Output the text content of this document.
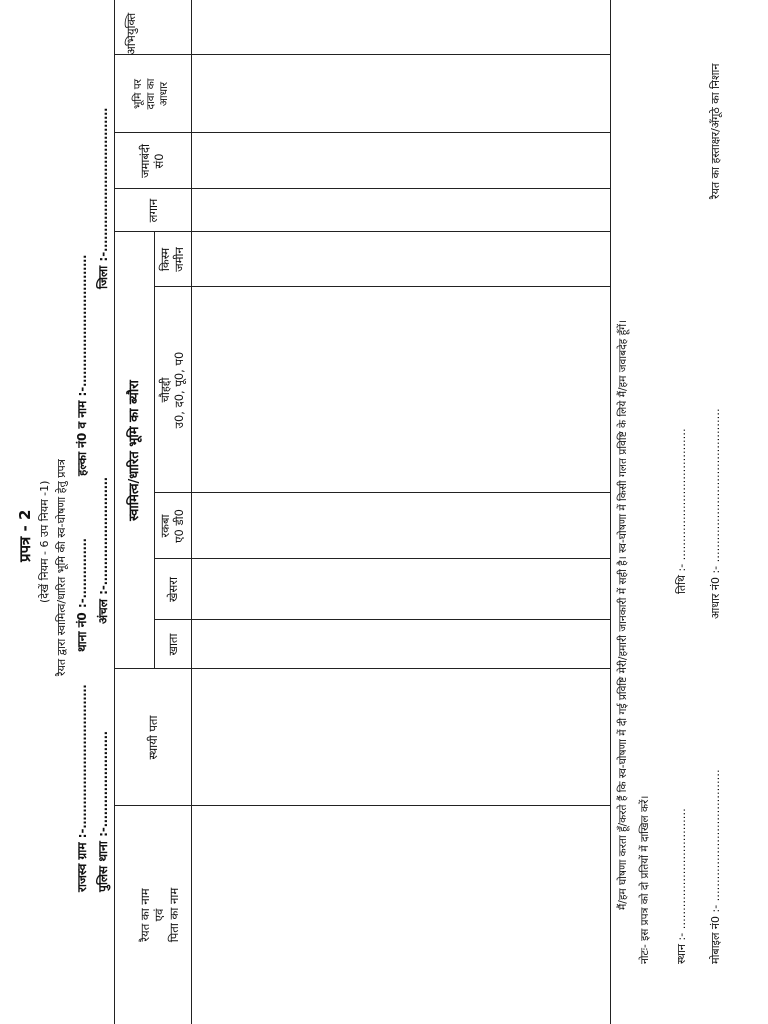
प्रपत्र - 2 (देखें नियम - 6 उप नियम -1) रैयत द्वारा स्वामित्व/धारित भूमि की स्व-घोषणा हेतु प्रपत्र
राजस्व ग्राम :-………………………………
थाना नं0 :-……………
हल्का नं0 व नाम :-……………………………
पुलिस थाना :-……………………
अंचल :-………………………
जिला :-………………………………
रैयत का नाम एवं पिता का नाम
स्थायी पता
स्वामित्व/धारित भूमि का ब्यौरा
खाता
खेसरा
रकबा ए0 डी0
चौहद्दी उ0, द0, पू0, प0
किस्म जमीन
लगान
जमाबंदी सं0
भूमि पर दावा का आधार
अभियुक्ति
मैं/हम घोषणा करता हूँ/करते हैं कि स्व-घोषणा में दी गई प्रविष्टि मेरी/हमारी जानकारी में सही है। स्व-घोषणा में किसी गलत प्रविष्टि के लिये मैं/हम जवाबदेह हूँगें। नोटः- इस प्रपत्र को दो प्रतियों में दाखिल करें। स्थान :- ……………………………
तिथि :- ………………………………
मोबाइल नं0 :- ………………………………
आधार नं0 :- ……………………………………
रैयत का हस्ताक्षर/अँगूठे का निशान
